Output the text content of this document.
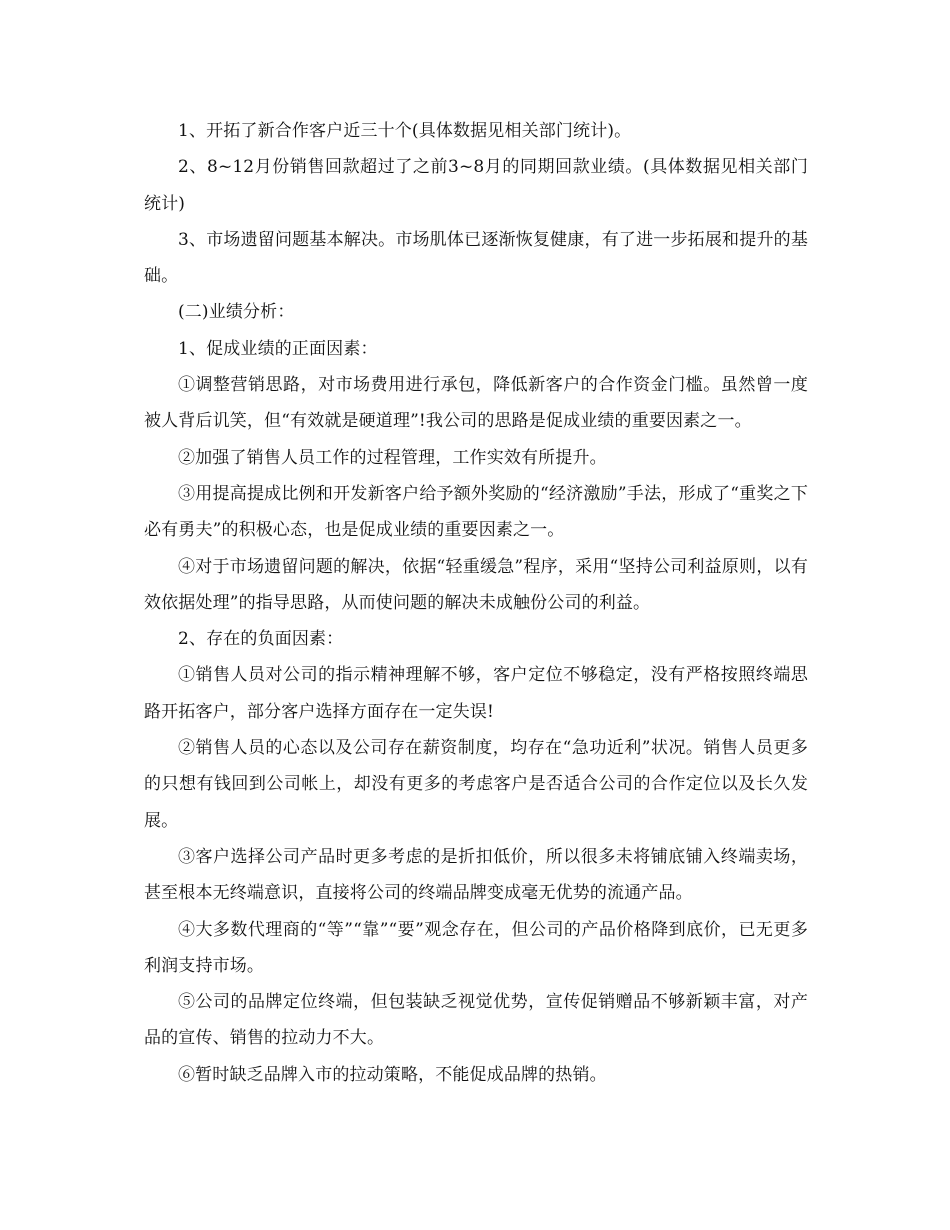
1、开拓了新合作客户近三十个(具体数据见相关部门统计)。

2、8~12月份销售回款超过了之前3~8月的同期回款业绩。(具体数据见相关部门统计)

3、市场遗留问题基本解决。市场肌体已逐渐恢复健康，有了进一步拓展和提升的基础。

(二)业绩分析：

1、促成业绩的正面因素：

①调整营销思路，对市场费用进行承包，降低新客户的合作资金门槛。虽然曾一度被人背后讥笑，但“有效就是硬道理”!我公司的思路是促成业绩的重要因素之一。

②加强了销售人员工作的过程管理，工作实效有所提升。

③用提高提成比例和开发新客户给予额外奖励的“经济激励”手法，形成了“重奖之下必有勇夫”的积极心态，也是促成业绩的重要因素之一。

④对于市场遗留问题的解决，依据“轻重缓急”程序，采用“坚持公司利益原则，以有效依据处理”的指导思路，从而使问题的解决未成触份公司的利益。

2、存在的负面因素：

①销售人员对公司的指示精神理解不够，客户定位不够稳定，没有严格按照终端思路开拓客户，部分客户选择方面存在一定失误!

②销售人员的心态以及公司存在薪资制度，均存在“急功近利”状况。销售人员更多的只想有钱回到公司帐上，却没有更多的考虑客户是否适合公司的合作定位以及长久发展。

③客户选择公司产品时更多考虑的是折扣低价，所以很多未将铺底铺入终端卖场，甚至根本无终端意识，直接将公司的终端品牌变成毫无优势的流通产品。

④大多数代理商的“等”“靠”“要”观念存在，但公司的产品价格降到底价，已无更多利润支持市场。

⑤公司的品牌定位终端，但包装缺乏视觉优势，宣传促销赠品不够新颖丰富，对产品的宣传、销售的拉动力不大。

⑥暂时缺乏品牌入市的拉动策略，不能促成品牌的热销。
